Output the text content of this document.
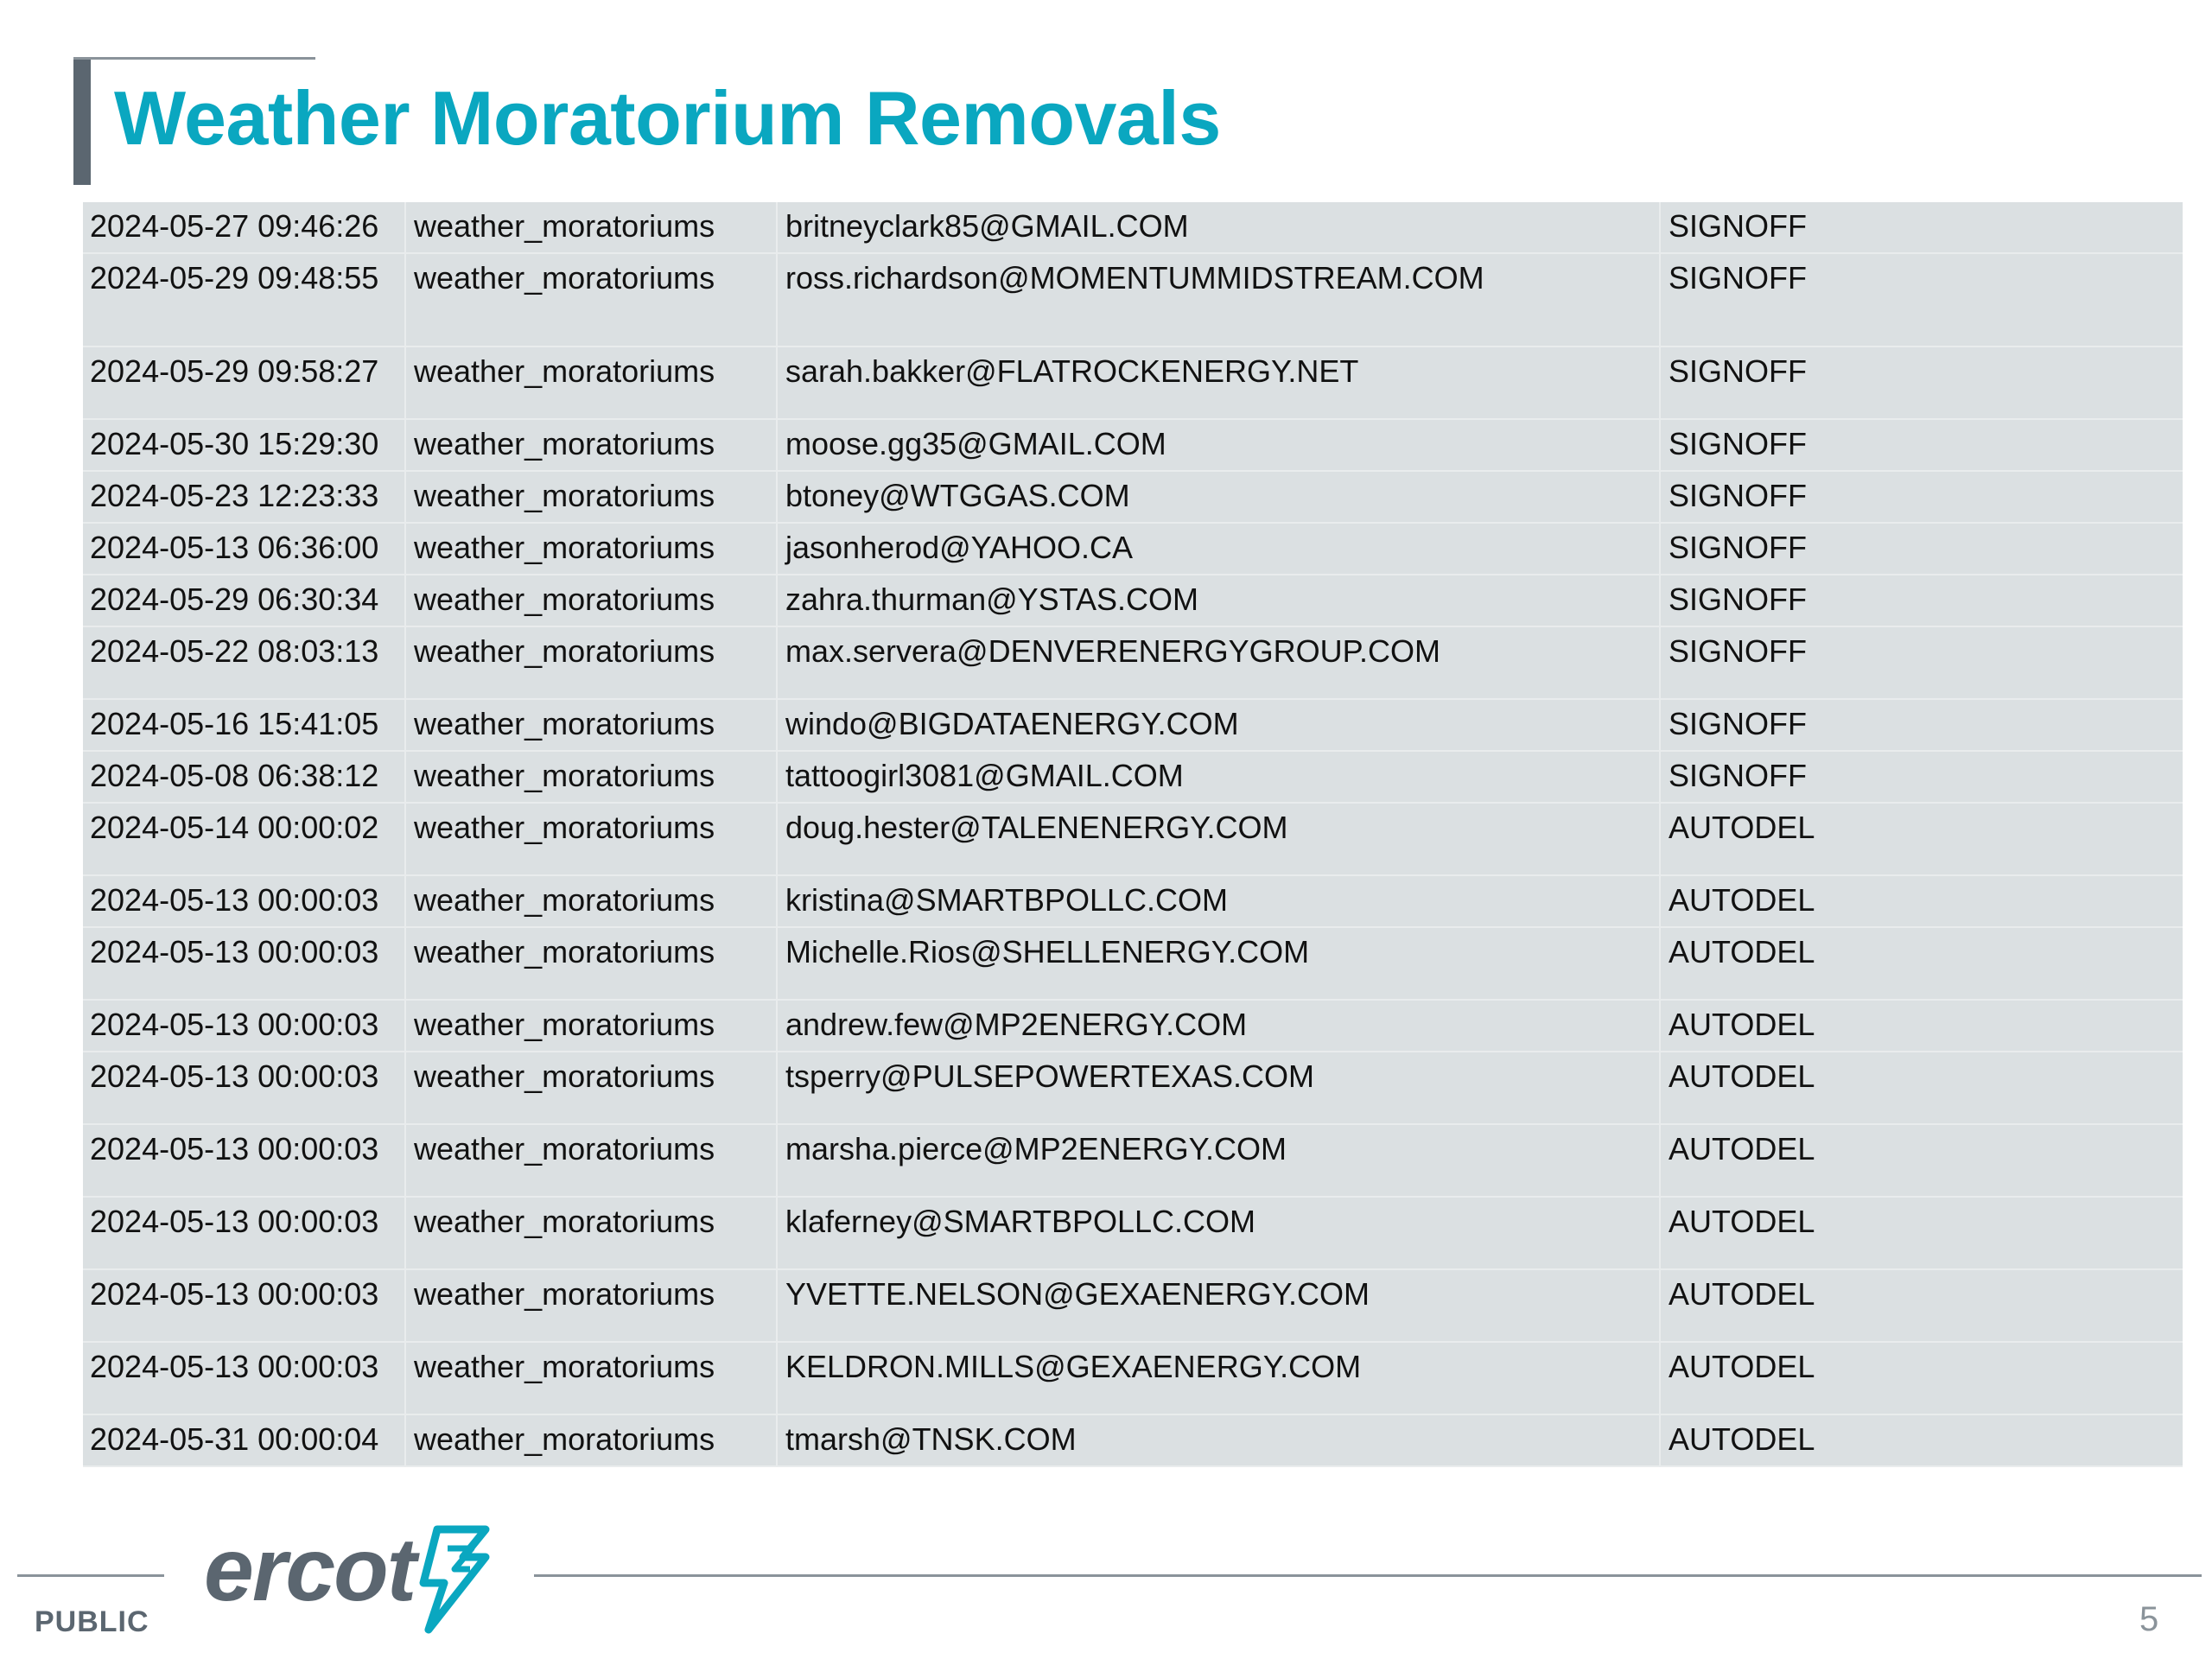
Weather Moratorium Removals
2024-05-27 09:46:26 weather_moratoriums britneyclark85@GMAIL.COM	SIGNOFF
2024-05-29 09:48:55 weather_moratoriums ross.richardson@MOMENTUMMIDSTREAM.COM	SIGNOFF
2024-05-29 09:58:27 weather_moratoriums sarah.bakker@FLATROCKENERGY.NET	SIGNOFF
2024-05-30 15:29:30 weather_moratoriums moose.gg35@GMAIL.COM	SIGNOFF
2024-05-23 12:23:33 weather_moratoriums btoney@WTGGAS.COM	SIGNOFF
2024-05-13 06:36:00 weather_moratoriums jasonherod@YAHOO.CA	SIGNOFF
2024-05-29 06:30:34 weather_moratoriums zahra.thurman@YSTAS.COM	SIGNOFF
2024-05-22 08:03:13 weather_moratoriums max.servera@DENVERENERGYGROUP.COM	SIGNOFF
2024-05-16 15:41:05 weather_moratoriums windo@BIGDATAENERGY.COM	SIGNOFF
2024-05-08 06:38:12 weather_moratoriums tattoogirl3081@GMAIL.COM	SIGNOFF
2024-05-14 00:00:02 weather_moratoriums doug.hester@TALENENERGY.COM	AUTODEL
2024-05-13 00:00:03 weather_moratoriums kristina@SMARTBPOLLC.COM	AUTODEL
2024-05-13 00:00:03 weather_moratoriums Michelle.Rios@SHELLENERGY.COM	AUTODEL
2024-05-13 00:00:03 weather_moratoriums andrew.few@MP2ENERGY.COM	AUTODEL
2024-05-13 00:00:03 weather_moratoriums tsperry@PULSEPOWERTEXAS.COM	AUTODEL
2024-05-13 00:00:03 weather_moratoriums marsha.pierce@MP2ENERGY.COM	AUTODEL
2024-05-13 00:00:03 weather_moratoriums klaferney@SMARTBPOLLC.COM	AUTODEL
2024-05-13 00:00:03 weather_moratoriums YVETTE.NELSON@GEXAENERGY.COM	AUTODEL
2024-05-13 00:00:03 weather_moratoriums KELDRON.MILLS@GEXAENERGY.COM	AUTODEL
2024-05-31 00:00:04 weather_moratoriums tmarsh@TNSK.COM	AUTODEL
ercot
PUBLIC	5
